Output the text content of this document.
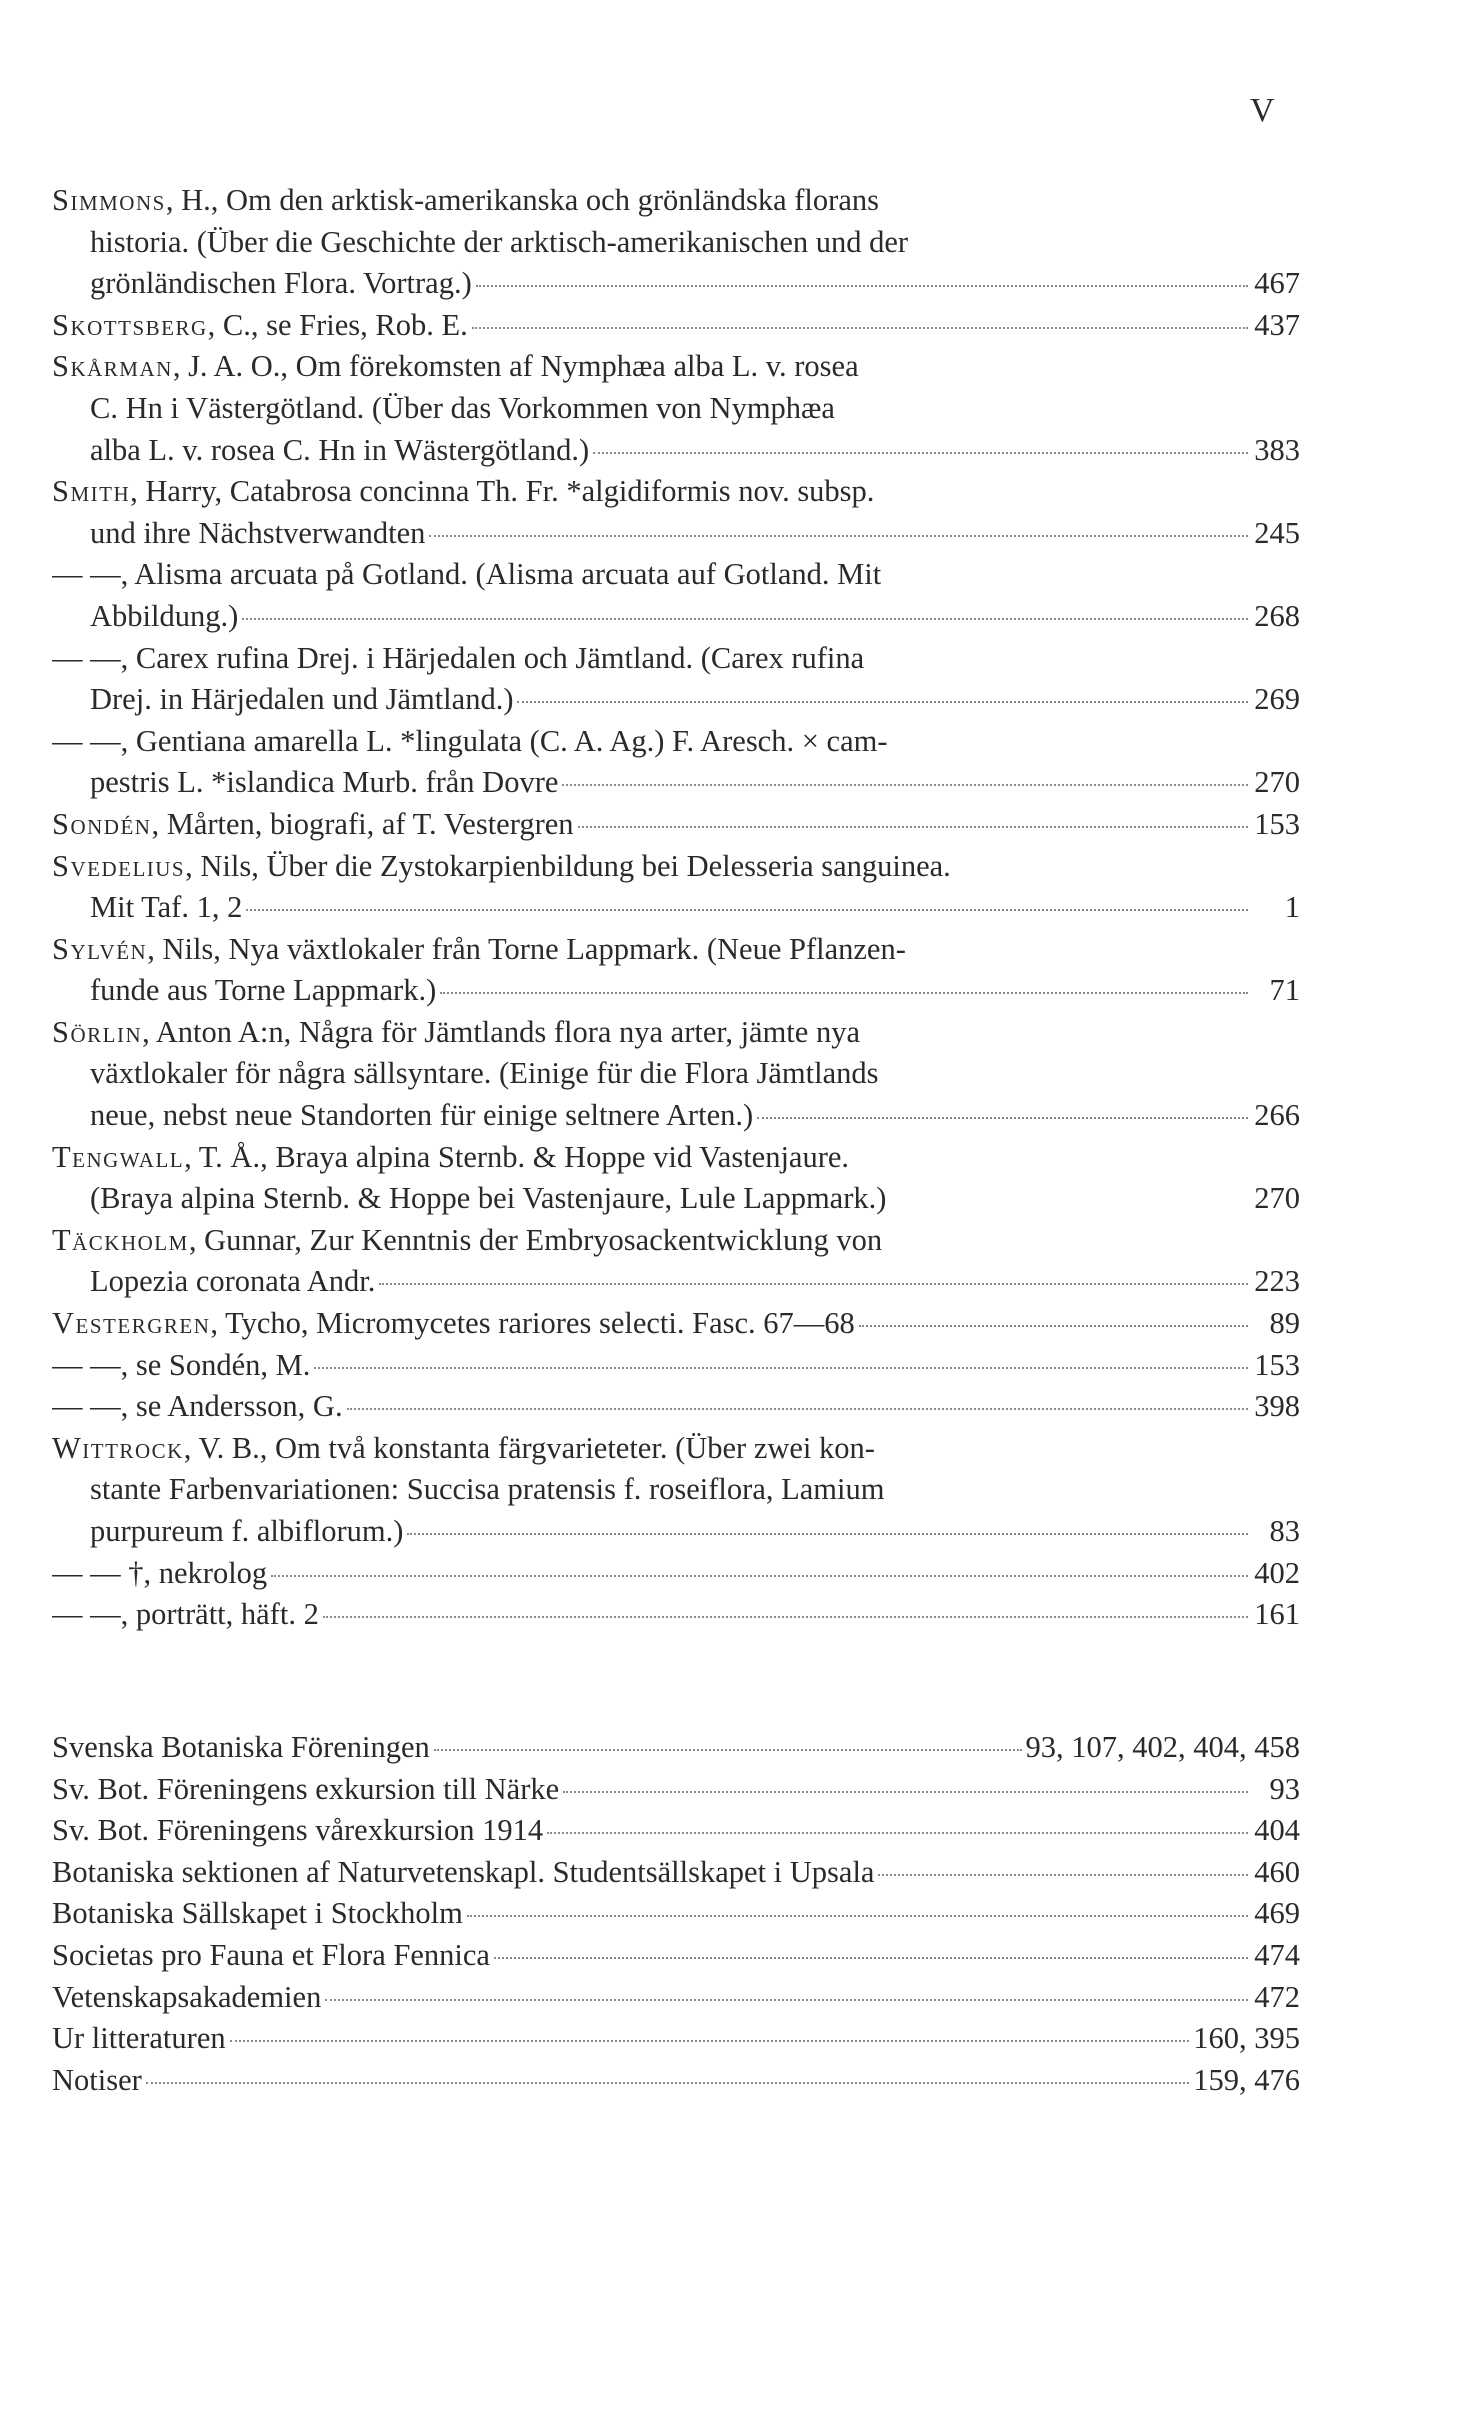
V
Simmons, H., Om den arktisk-amerikanska och grönländska florans
historia. (Über die Geschichte der arktisch-amerikanischen und der
grönländischen Flora. Vortrag.)	467
Skottsberg, C., se Fries, Rob. E.	437
Skårman, J. A. O., Om förekomsten af Nymphæa alba L. v. rosea
C. Hn i Västergötland. (Über das Vorkommen von Nymphæa
alba L. v. rosea C. Hn in Wästergötland.)	383
Smith, Harry, Catabrosa concinna Th. Fr. *algidiformis nov. subsp.
und ihre Nächstverwandten	245
— —, Alisma arcuata på Gotland. (Alisma arcuata auf Gotland. Mit
Abbildung.)	268
— —, Carex rufina Drej. i Härjedalen och Jämtland. (Carex rufina
Drej. in Härjedalen und Jämtland.)	269
— —, Gentiana amarella L. *lingulata (C. A. Ag.) F. Aresch. × cam-
pestris L. *islandica Murb. från Dovre	270
Sondén, Mårten, biografi, af T. Vestergren	153
Svedelius, Nils, Über die Zystokarpienbildung bei Delesseria sanguinea.
Mit Taf. 1, 2	1
Sylvén, Nils, Nya växtlokaler från Torne Lappmark. (Neue Pflanzen-
funde aus Torne Lappmark.)	71
Sörlin, Anton A:n, Några för Jämtlands flora nya arter, jämte nya
växtlokaler för några sällsyntare. (Einige für die Flora Jämtlands
neue, nebst neue Standorten für einige seltnere Arten.)	266
Tengwall, T. Å., Braya alpina Sternb. & Hoppe vid Vastenjaure.
(Braya alpina Sternb. & Hoppe bei Vastenjaure, Lule Lappmark.)	270
Täckholm, Gunnar, Zur Kenntnis der Embryosackentwicklung von
Lopezia coronata Andr.	223
Vestergren, Tycho, Micromycetes rariores selecti. Fasc. 67—68	89
— —, se Sondén, M.	153
— —, se Andersson, G.	398
Wittrock, V. B., Om två konstanta färgvarieteter. (Über zwei kon-
stante Farbenvariationen: Succisa pratensis f. roseiflora, Lamium
purpureum f. albiflorum.)	83
— — †, nekrolog	402
— —, porträtt, häft. 2	161
Svenska Botaniska Föreningen	93, 107, 402, 404, 458
Sv. Bot. Föreningens exkursion till Närke	93
Sv. Bot. Föreningens vårexkursion 1914	404
Botaniska sektionen af Naturvetenskapl. Studentsällskapet i Upsala	460
Botaniska Sällskapet i Stockholm	469
Societas pro Fauna et Flora Fennica	474
Vetenskapsakademien	472
Ur litteraturen	160, 395
Notiser	159, 476
